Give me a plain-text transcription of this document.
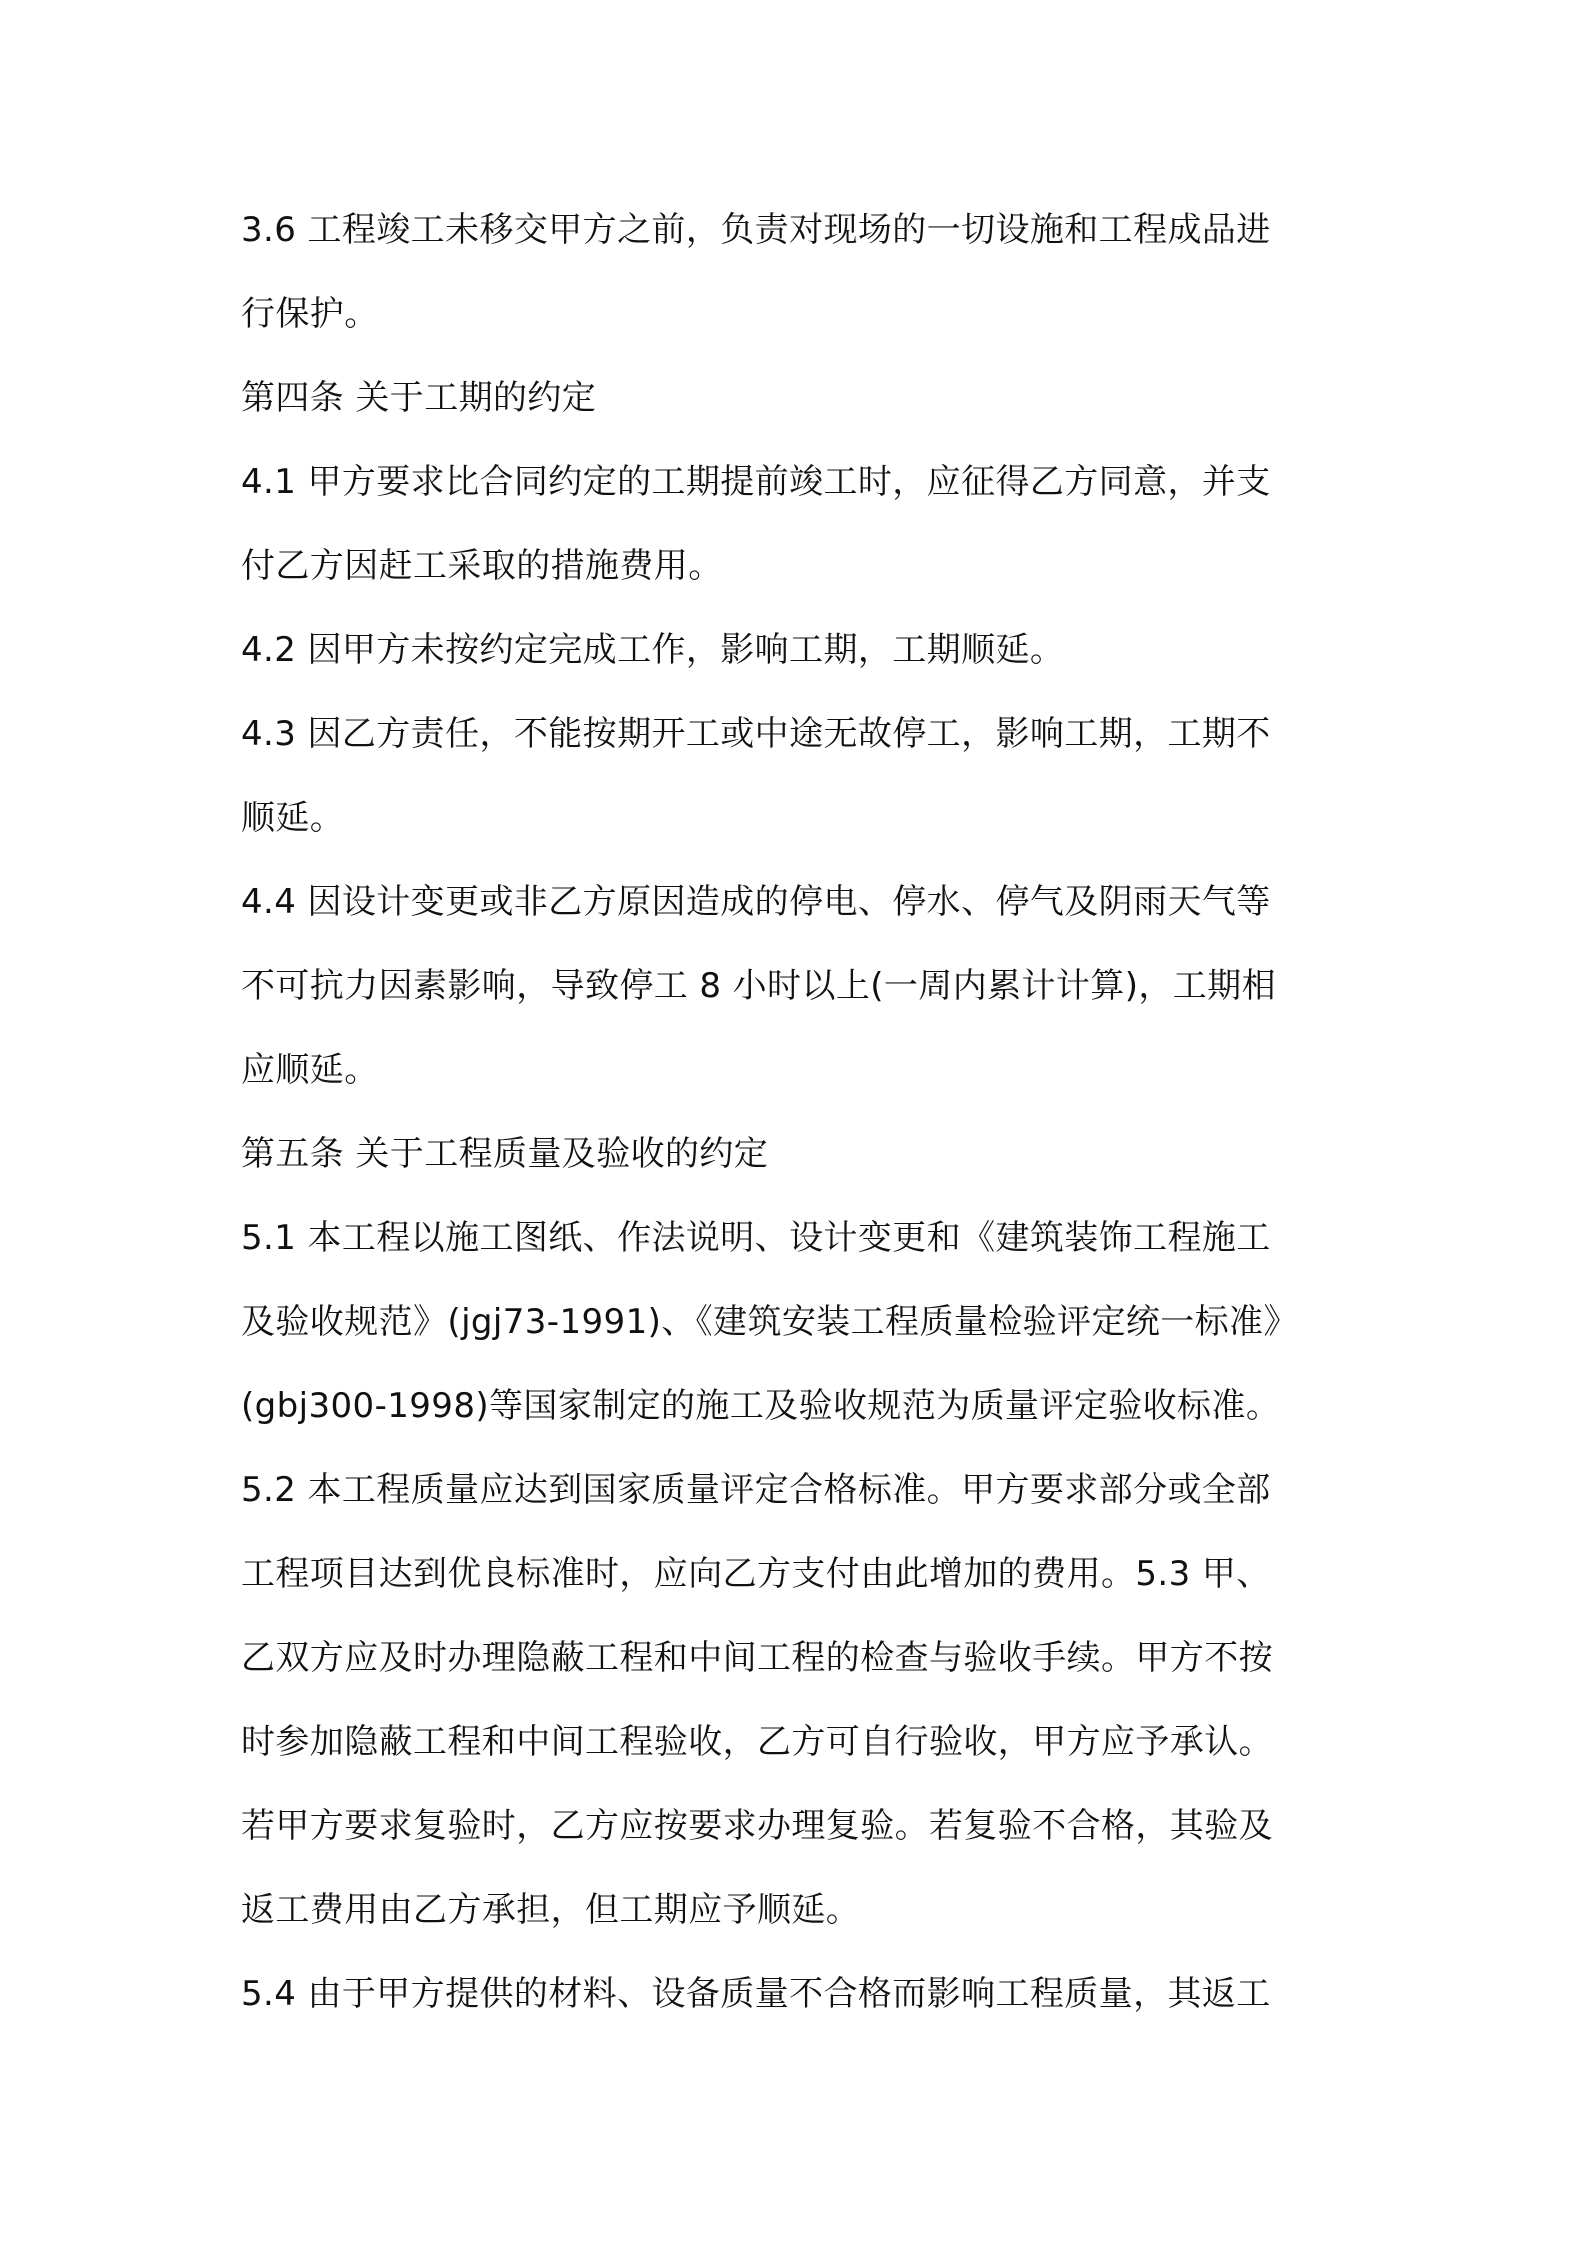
3.6 工程竣工未移交甲方之前，负责对现场的一切设施和工程成品进
行保护。
第四条 关于工期的约定
4.1 甲方要求比合同约定的工期提前竣工时，应征得乙方同意，并支
付乙方因赶工采取的措施费用。
4.2 因甲方未按约定完成工作，影响工期，工期顺延。
4.3 因乙方责任，不能按期开工或中途无故停工，影响工期，工期不
顺延。
4.4 因设计变更或非乙方原因造成的停电、停水、停气及阴雨天气等
不可抗力因素影响，导致停工 8 小时以上(一周内累计计算)，工期相
应顺延。
第五条 关于工程质量及验收的约定
5.1 本工程以施工图纸、作法说明、设计变更和《建筑装饰工程施工
及验收规范》(jgj73-1991)、《建筑安装工程质量检验评定统一标准》
(gbj300-1998)等国家制定的施工及验收规范为质量评定验收标准。
5.2 本工程质量应达到国家质量评定合格标准。甲方要求部分或全部
工程项目达到优良标准时，应向乙方支付由此增加的费用。5.3 甲、
乙双方应及时办理隐蔽工程和中间工程的检查与验收手续。甲方不按
时参加隐蔽工程和中间工程验收，乙方可自行验收，甲方应予承认。
若甲方要求复验时，乙方应按要求办理复验。若复验不合格，其验及
返工费用由乙方承担，但工期应予顺延。
5.4 由于甲方提供的材料、设备质量不合格而影响工程质量，其返工
